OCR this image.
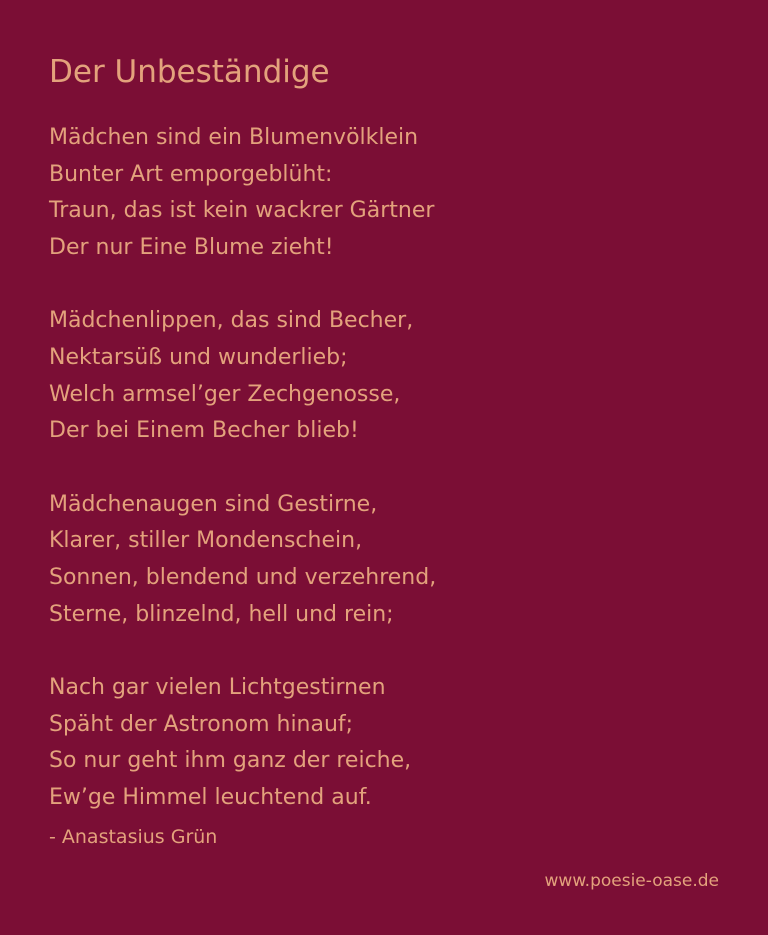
Der Unbeständige
Mädchen sind ein Blumenvölklein
Bunter Art emporgeblüht:
Traun, das ist kein wackrer Gärtner
Der nur Eine Blume zieht!
Mädchenlippen, das sind Becher,
Nektarsüß und wunderlieb;
Welch armsel’ger Zechgenosse,
Der bei Einem Becher blieb!
Mädchenaugen sind Gestirne,
Klarer, stiller Mondenschein,
Sonnen, blendend und verzehrend,
Sterne, blinzelnd, hell und rein;
Nach gar vielen Lichtgestirnen
Späht der Astronom hinauf;
So nur geht ihm ganz der reiche,
Ew’ge Himmel leuchtend auf.
- Anastasius Grün
www.poesie-oase.de
